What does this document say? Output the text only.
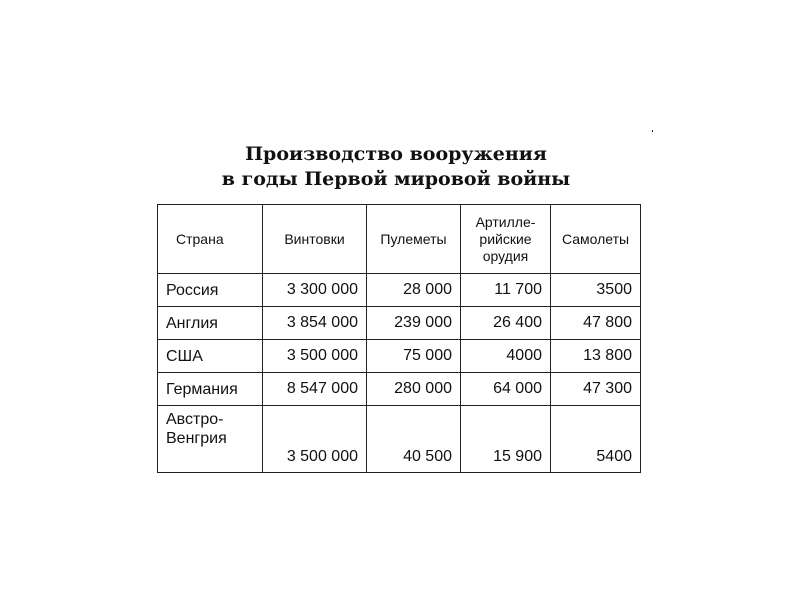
Производство вооружения
в годы Первой мировой войны
Страна	Винтовки	Пулеметы	Артилле- рийские орудия	Самолеты
Россия	3 300 000	28 000	11 700	3500
Англия	3 854 000	239 000	26 400	47 800
США	3 500 000	75 000	4000	13 800
Германия	8 547 000	280 000	64 000	47 300
Австро- Венгрия	3 500 000	40 500	15 900	5400
